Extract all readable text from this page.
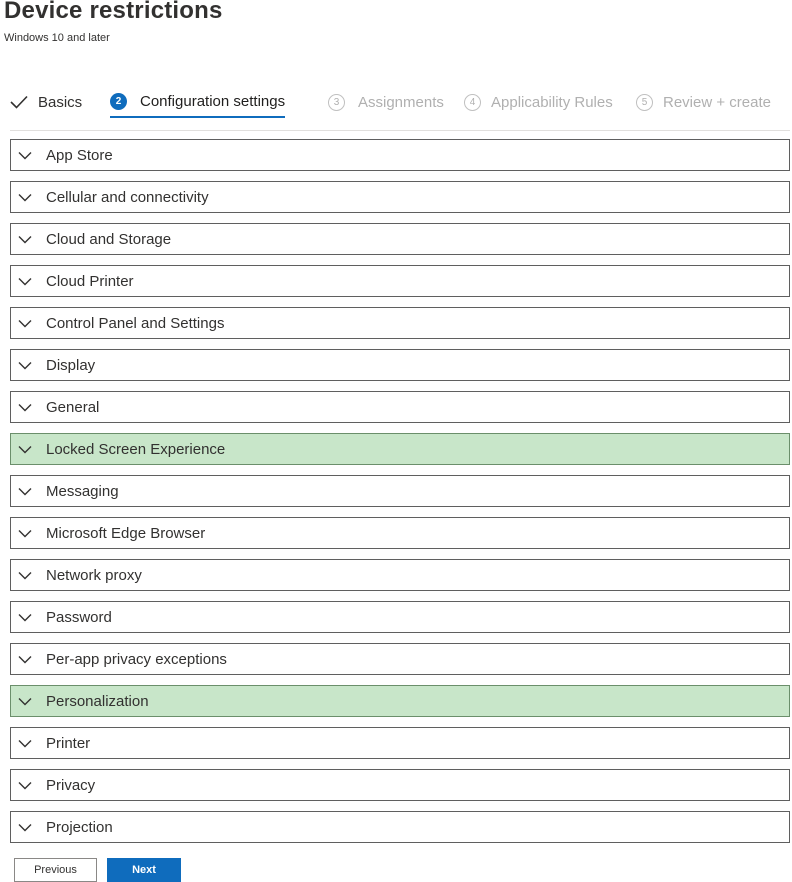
Device restrictions
Windows 10 and later
Basics	2	Configuration settings	3	Assignments	4	Applicability Rules	5	Review + create
App Store
Cellular and connectivity
Cloud and Storage
Cloud Printer
Control Panel and Settings
Display
General
Locked Screen Experience
Messaging
Microsoft Edge Browser
Network proxy
Password
Per-app privacy exceptions
Personalization
Printer
Privacy
Projection
Previous	Next
